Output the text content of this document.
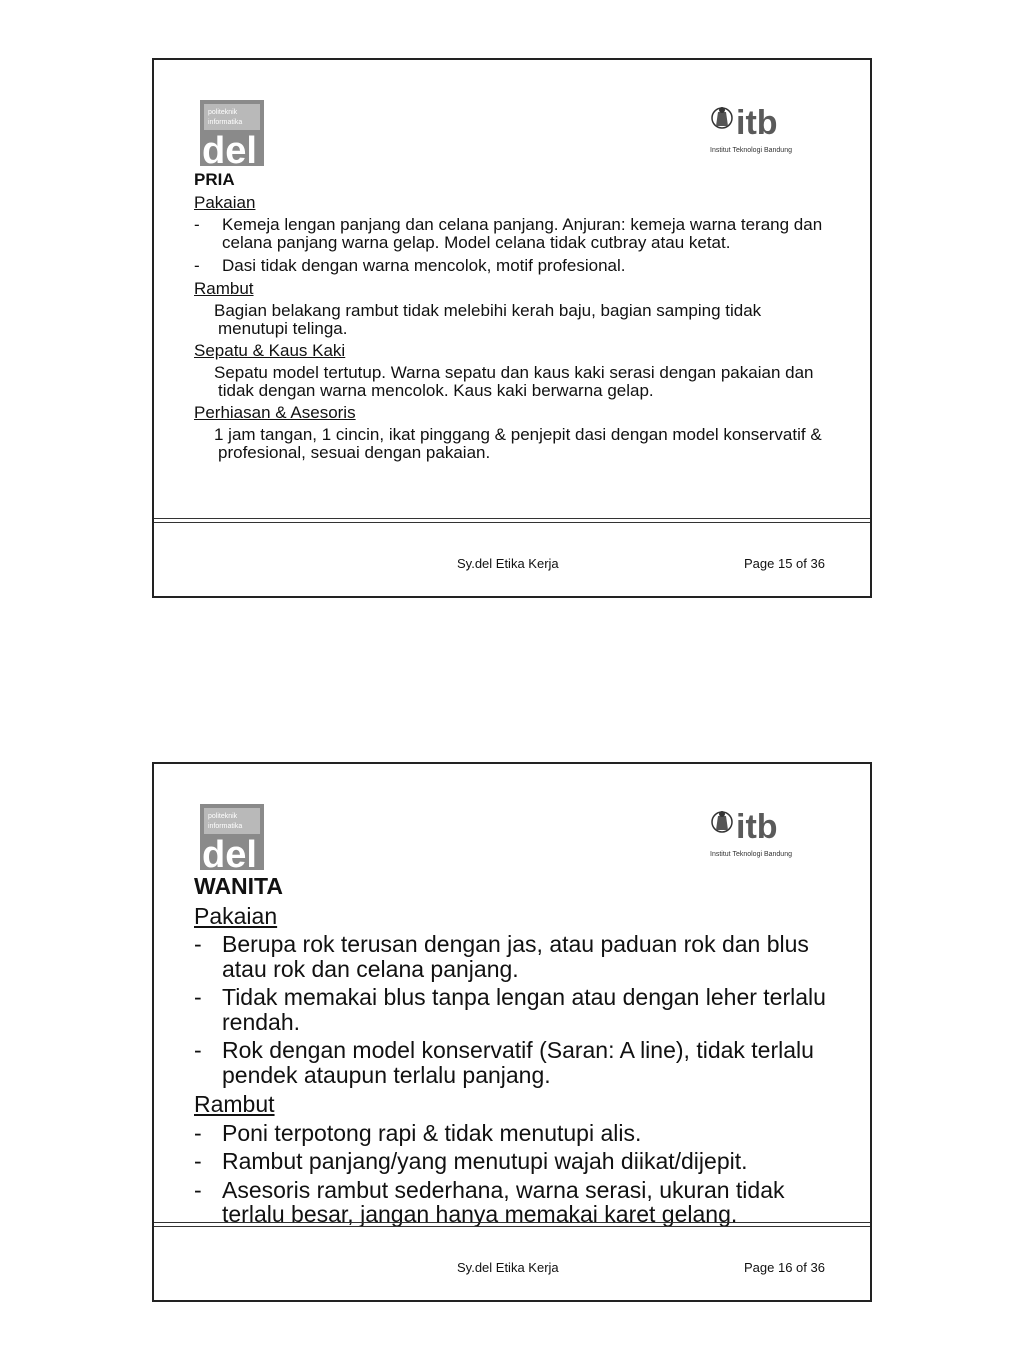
politeknik
informatika
del
itb
Institut Teknologi Bandung

PRIA

Pakaian

- Kemeja lengan panjang dan celana panjang. Anjuran: kemeja warna terang dan celana panjang warna gelap. Model celana tidak cutbray atau ketat.
- Dasi tidak dengan warna mencolok, motif profesional.

Rambut

Bagian belakang rambut tidak melebihi kerah baju, bagian samping tidak menutupi telinga.

Sepatu & Kaus Kaki

Sepatu model tertutup. Warna sepatu dan kaus kaki serasi dengan pakaian dan tidak dengan warna mencolok. Kaus kaki berwarna gelap.

Perhiasan & Asesoris

1 jam tangan, 1 cincin, ikat pinggang & penjepit dasi dengan model konservatif & profesional, sesuai dengan pakaian.

Sy.del Etika Kerja	Page 15 of 36
politeknik
informatika
del
itb
Institut Teknologi Bandung

WANITA

Pakaian

- Berupa rok terusan dengan jas, atau paduan rok dan blus atau rok dan celana panjang.
- Tidak memakai blus tanpa lengan atau dengan leher terlalu rendah.
- Rok dengan model konservatif (Saran: A line), tidak terlalu pendek ataupun terlalu panjang.

Rambut

- Poni terpotong rapi & tidak menutupi alis.
- Rambut panjang/yang menutupi wajah diikat/dijepit.
- Asesoris rambut sederhana, warna serasi, ukuran tidak terlalu besar, jangan hanya memakai karet gelang.
Sy.del Etika Kerja	Page 16 of 36
